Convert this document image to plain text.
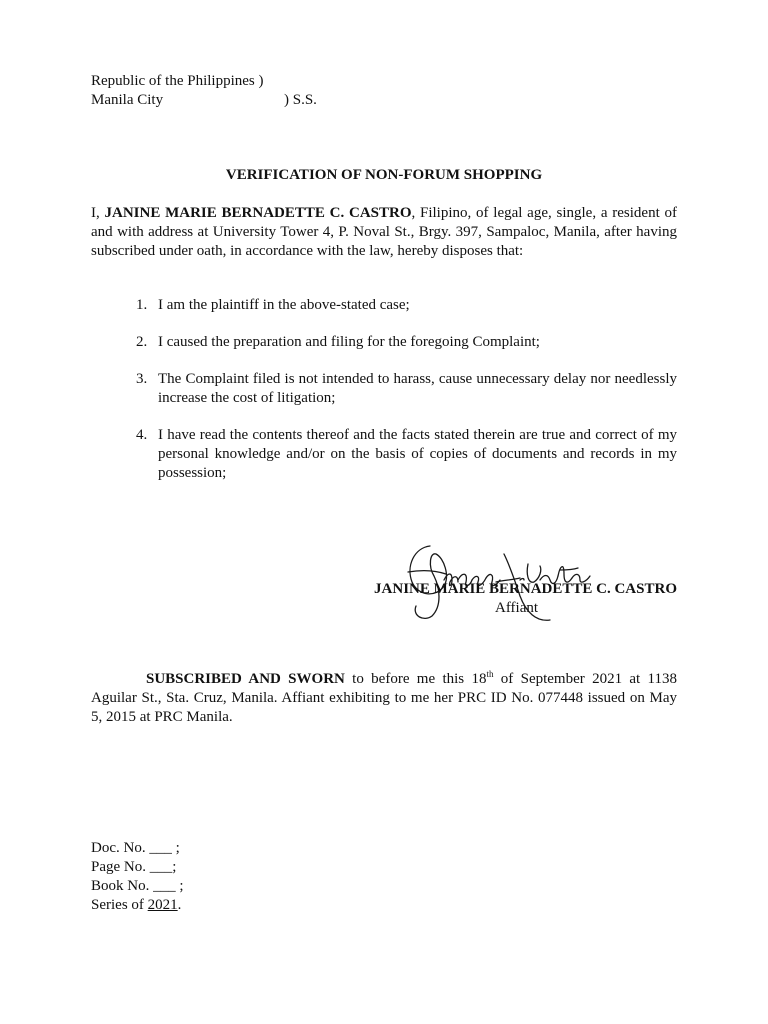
Republic of the Philippines )
Manila City	) S.S.
VERIFICATION OF NON-FORUM SHOPPING

I, JANINE MARIE BERNADETTE C. CASTRO, Filipino, of legal age, single, a resident of and with address at University Tower 4, P. Noval St., Brgy. 397, Sampaloc, Manila, after having subscribed under oath, in accordance with the law, hereby disposes that:

1. I am the plaintiff in the above-stated case;
2. I caused the preparation and filing for the foregoing Complaint;
3. The Complaint filed is not intended to harass, cause unnecessary delay nor needlessly increase the cost of litigation;
4. I have read the contents thereof and the facts stated therein are true and correct of my personal knowledge and/or on the basis of copies of documents and records in my possession;
JANINE MARIE BERNADETTE C. CASTRO
Affiant

SUBSCRIBED AND SWORN to before me this 18th of September 2021 at 1138 Aguilar St., Sta. Cruz, Manila. Affiant exhibiting to me her PRC ID No. 077448 issued on May 5, 2015 at PRC Manila.

Doc. No. ___ ;
Page No. ___;
Book No. ___ ;
Series of 2021.
